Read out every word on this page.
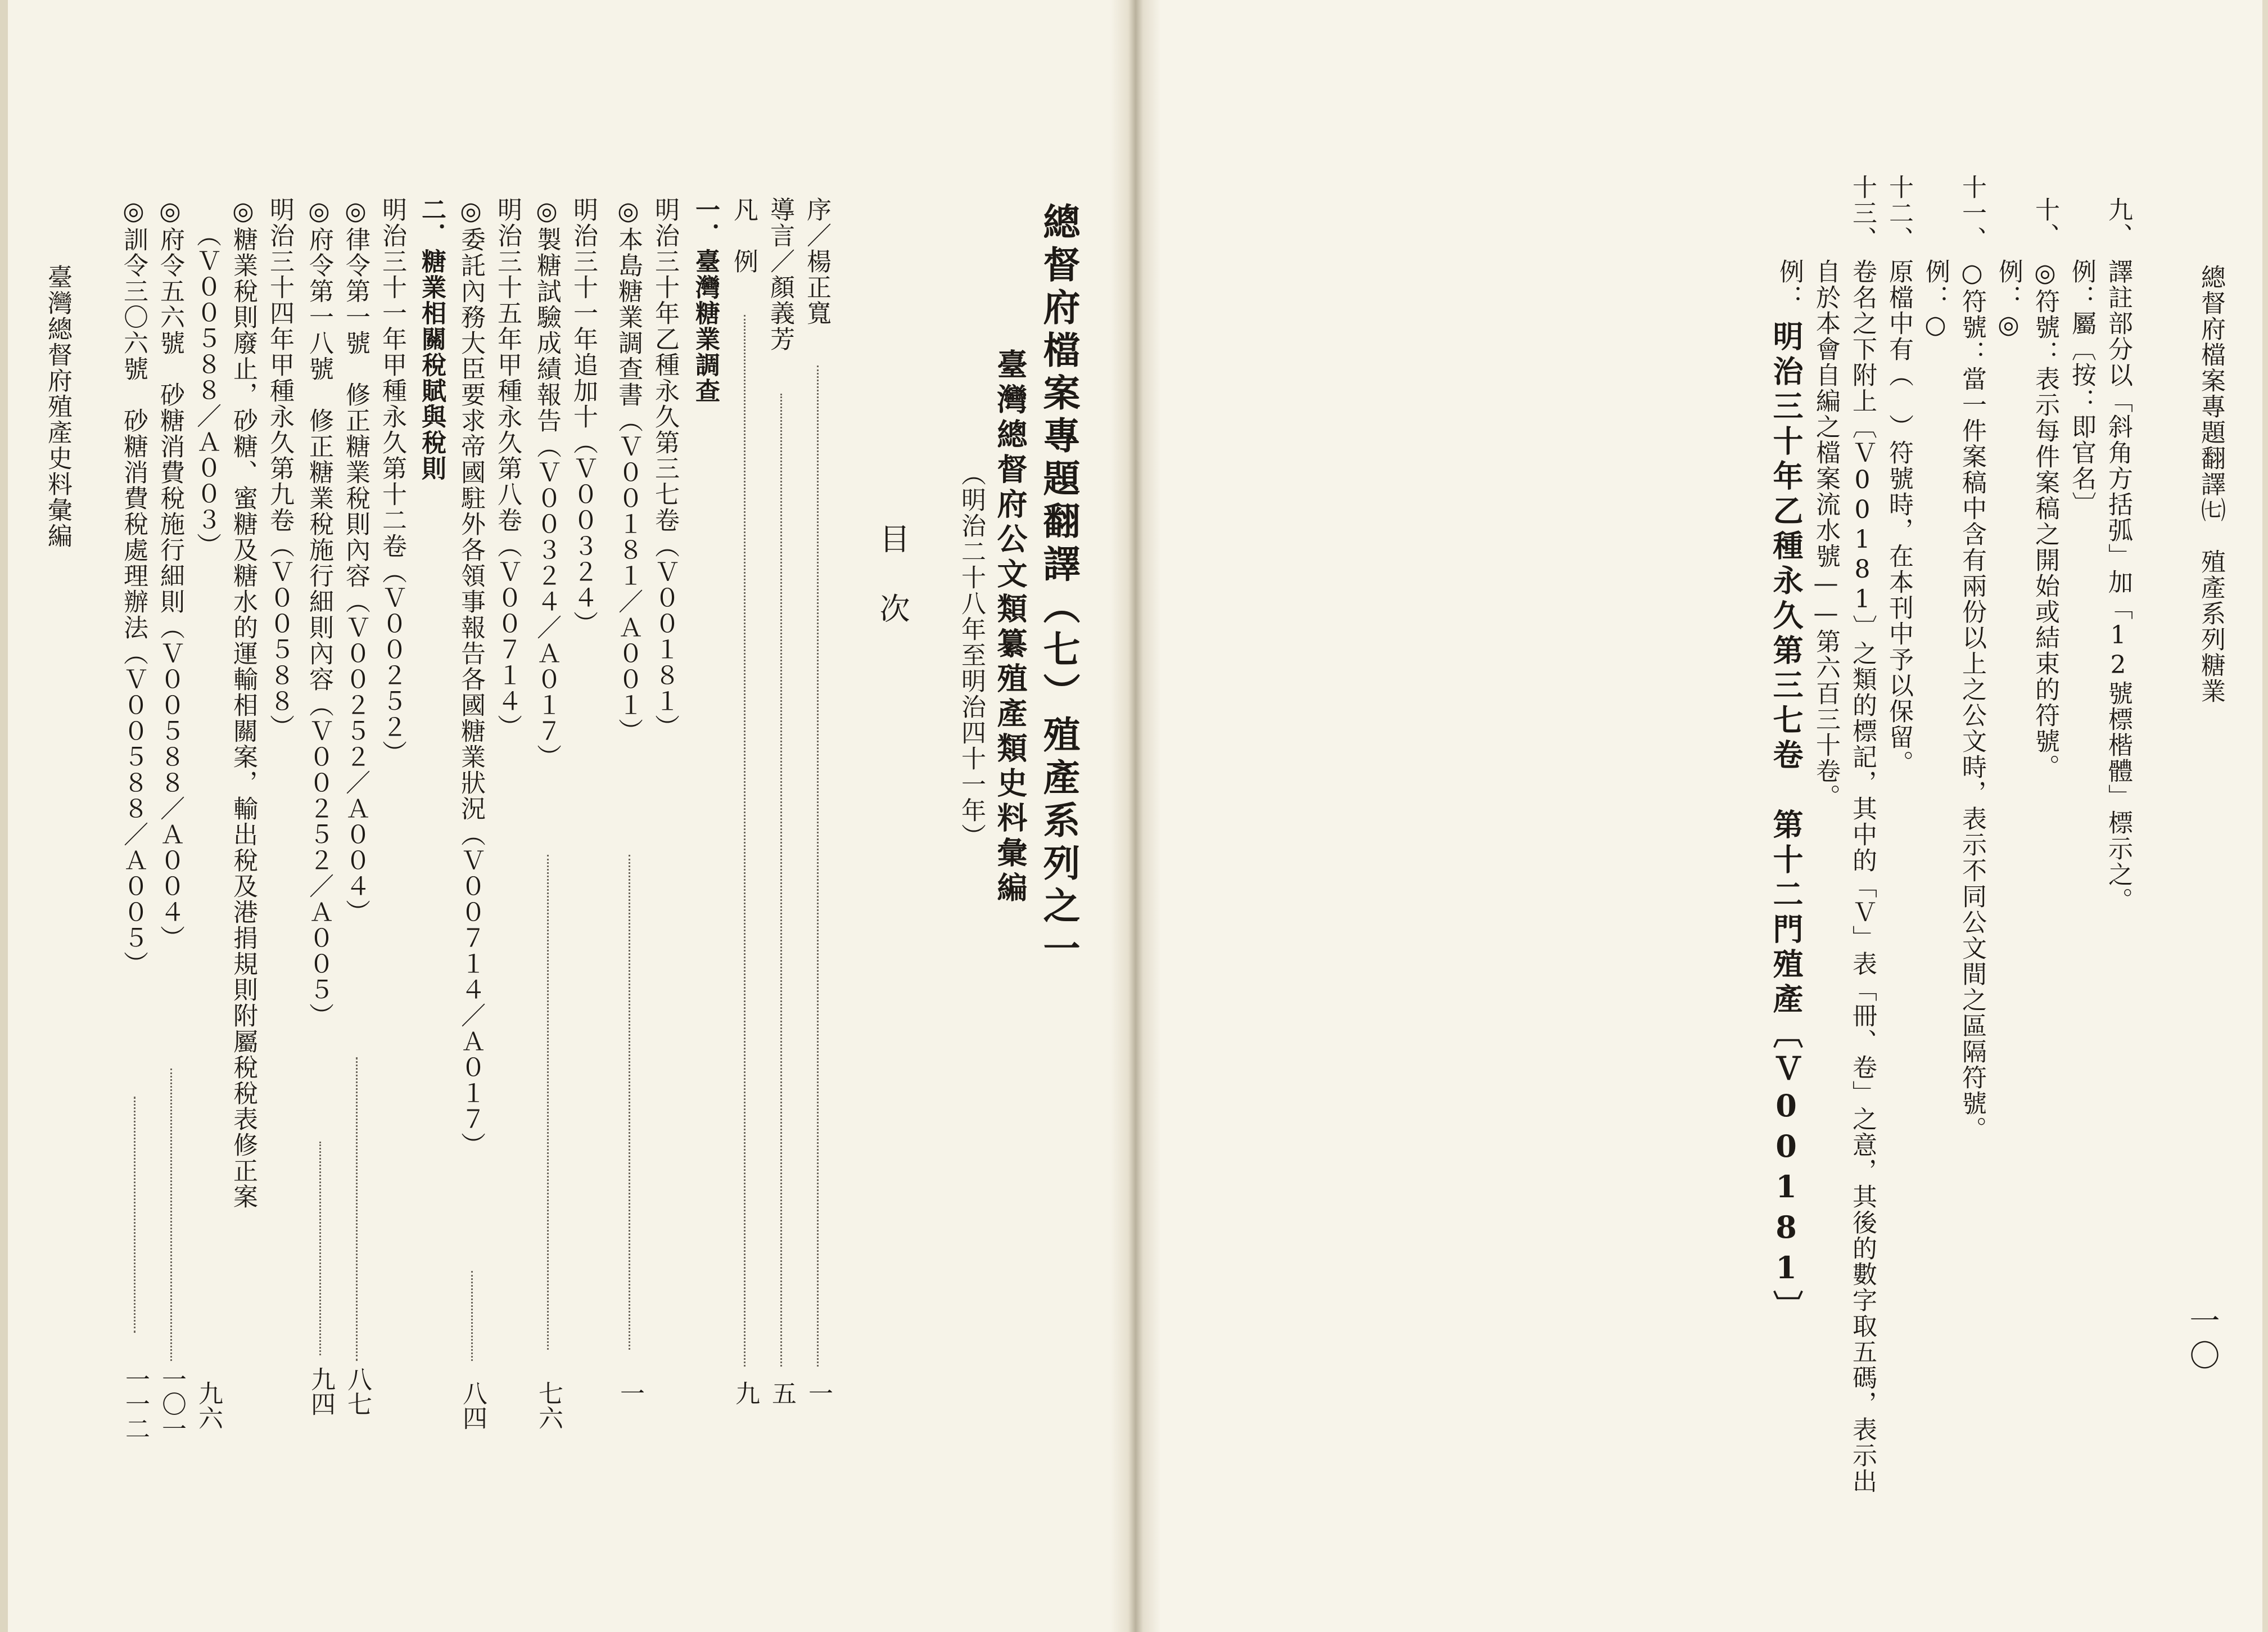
總督府檔案專題翻譯㈦　殖產系列糖業
九、
譯註部分以「斜角方括弧」加「12號標楷體」標示之。
例：屬〔按：即官名〕
十、
◎符號：表示每件案稿之開始或結束的符號。
例：◎
十一、
○符號：當一件案稿中含有兩份以上之公文時，表示不同公文間之區隔符號。
例：○
十二、
原檔中有（　）符號時，在本刊中予以保留。
十三、
卷名之下附上〔Ｖ00181〕之類的標記，其中的「Ｖ」表「冊、卷」之意，其後的數字取五碼，表示出
自於本會自編之檔案流水號——第六百三十卷。
例：
明治三十年乙種永久第三七卷　第十二門殖產〔Ｖ00181〕
一〇
總督府檔案專題翻譯（七）殖產系列之一
臺灣總督府公文類纂殖產類史料彙編
（明治二十八年至明治四十一年）
目　次
序／楊正寬
一
導言／顏義芳
五
凡　例
九
一．臺灣糖業調查
明治三十年乙種永久第三七卷（Ｖ００１８１）
◎本島糖業調查書（Ｖ００１８１／Ａ００１）
一
明治三十一年追加十（Ｖ００３２４）
◎製糖試驗成績報告（Ｖ００３２４／Ａ０１７）
七六
明治三十五年甲種永久第八卷（Ｖ００７１４）
◎委託內務大臣要求帝國駐外各領事報告各國糖業狀況（Ｖ００７１４／Ａ０１７）
八四
二．糖業相關稅賦與稅則
明治三十一年甲種永久第十二卷（Ｖ００２５２）
◎律令第一號　修正糖業稅則內容（Ｖ００２５２／Ａ００４）
八七
◎府令第一八號　修正糖業稅施行細則內容（Ｖ００２５２／Ａ００５）
九四
明治三十四年甲種永久第九卷（Ｖ００５８８）
◎糖業稅則廢止，砂糖、蜜糖及糖水的運輸相關案，輸出稅及港捐規則附屬稅稅表修正案
（Ｖ００５８８／Ａ００３）
九六
◎府令五六號　砂糖消費稅施行細則（Ｖ００５８８／Ａ００４）
一〇一
◎訓令三〇六號　砂糖消費稅處理辦法（Ｖ００５８８／Ａ００５）
一一二
臺灣總督府殖產史料彙編
